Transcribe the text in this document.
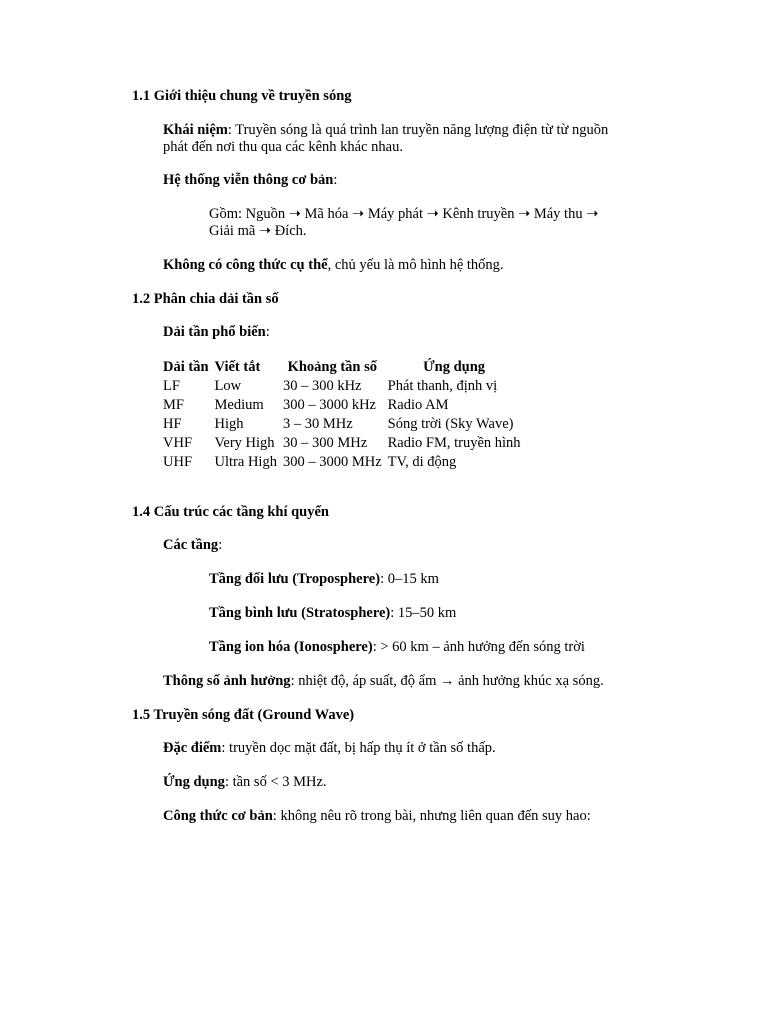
1.1 Giới thiệu chung về truyền sóng
Khái niệm: Truyền sóng là quá trình lan truyền năng lượng điện từ từ nguồn
phát đến nơi thu qua các kênh khác nhau.
Hệ thống viễn thông cơ bản:
Gồm: Nguồn ➝ Mã hóa ➝ Máy phát ➝ Kênh truyền ➝ Máy thu ➝
Giải mã ➝ Đích.
Không có công thức cụ thể, chủ yếu là mô hình hệ thống.
1.2 Phân chia dải tần số
Dải tần phổ biến:
Dải tần	Viết tắt	Khoảng tần số	Ứng dụng
LF	Low	30 – 300 kHz	Phát thanh, định vị
MF	Medium	300 – 3000 kHz	Radio AM
HF	High	3 – 30 MHz	Sóng trời (Sky Wave)
VHF	Very High	30 – 300 MHz	Radio FM, truyền hình
UHF	Ultra High	300 – 3000 MHz	TV, di động
1.4 Cấu trúc các tầng khí quyển
Các tầng:
Tầng đối lưu (Troposphere): 0–15 km
Tầng bình lưu (Stratosphere): 15–50 km
Tầng ion hóa (Ionosphere): > 60 km – ảnh hưởng đến sóng trời
Thông số ảnh hưởng: nhiệt độ, áp suất, độ ẩm → ảnh hưởng khúc xạ sóng.
1.5 Truyền sóng đất (Ground Wave)
Đặc điểm: truyền dọc mặt đất, bị hấp thụ ít ở tần số thấp.
Ứng dụng: tần số < 3 MHz.
Công thức cơ bản: không nêu rõ trong bài, nhưng liên quan đến suy hao:
